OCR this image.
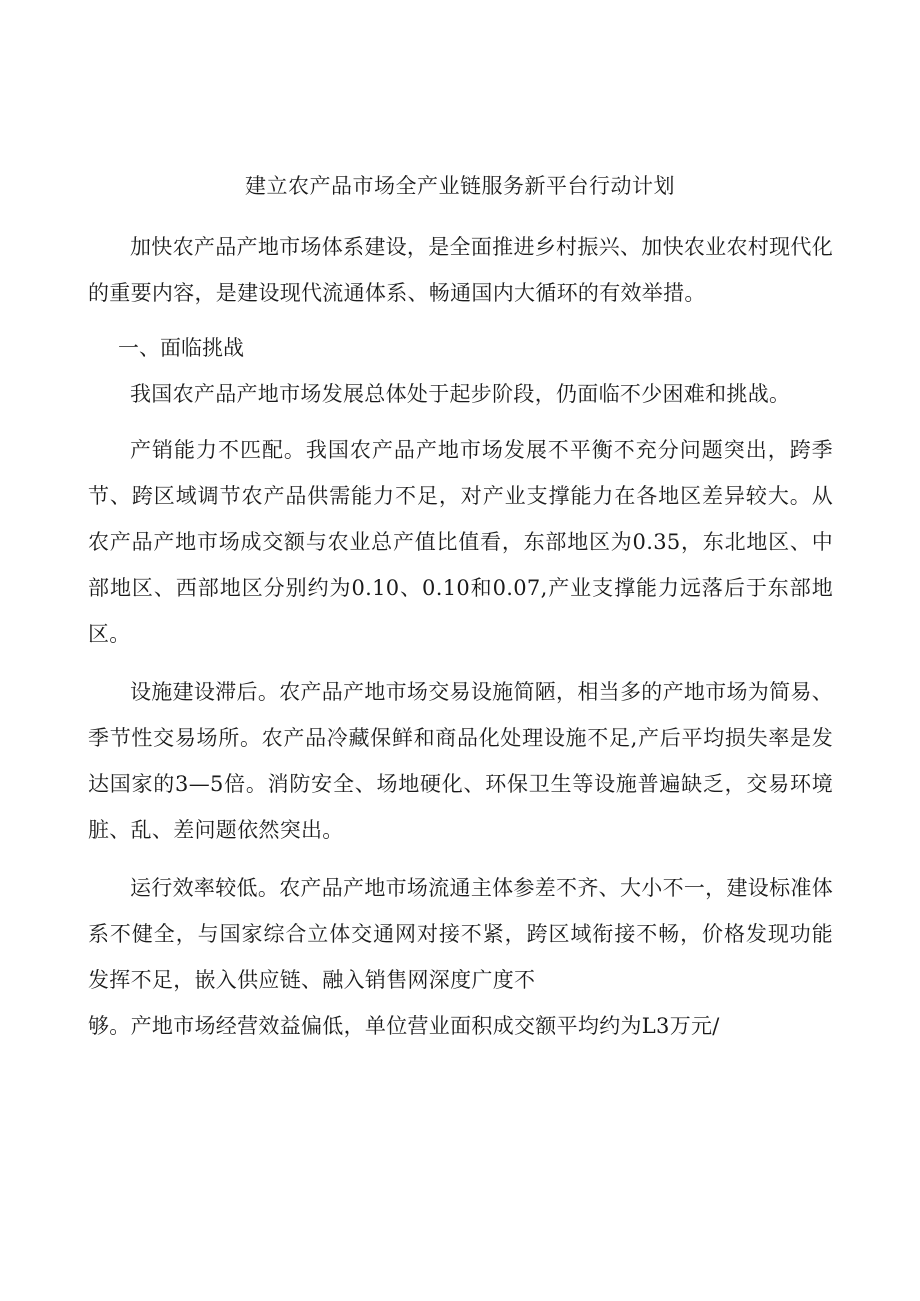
建立农产品市场全产业链服务新平台行动计划

加快农产品产地市场体系建设，是全面推进乡村振兴、加快农业农村现代化的重要内容，是建设现代流通体系、畅通国内大循环的有效举措。

一、面临挑战

我国农产品产地市场发展总体处于起步阶段，仍面临不少困难和挑战。

产销能力不匹配。我国农产品产地市场发展不平衡不充分问题突出，跨季节、跨区域调节农产品供需能力不足，对产业支撑能力在各地区差异较大。从农产品产地市场成交额与农业总产值比值看，东部地区为0.35，东北地区、中部地区、西部地区分别约为0.10、0.10和0.07,产业支撑能力远落后于东部地区。

设施建设滞后。农产品产地市场交易设施简陋，相当多的产地市场为简易、季节性交易场所。农产品冷藏保鲜和商品化处理设施不足,产后平均损失率是发达国家的3—5倍。消防安全、场地硬化、环保卫生等设施普遍缺乏，交易环境脏、乱、差问题依然突出。

运行效率较低。农产品产地市场流通主体参差不齐、大小不一，建设标准体系不健全，与国家综合立体交通网对接不紧，跨区域衔接不畅，价格发现功能发挥不足，嵌入供应链、融入销售网深度广度不

够。产地市场经营效益偏低，单位营业面积成交额平均约为L3万元/
